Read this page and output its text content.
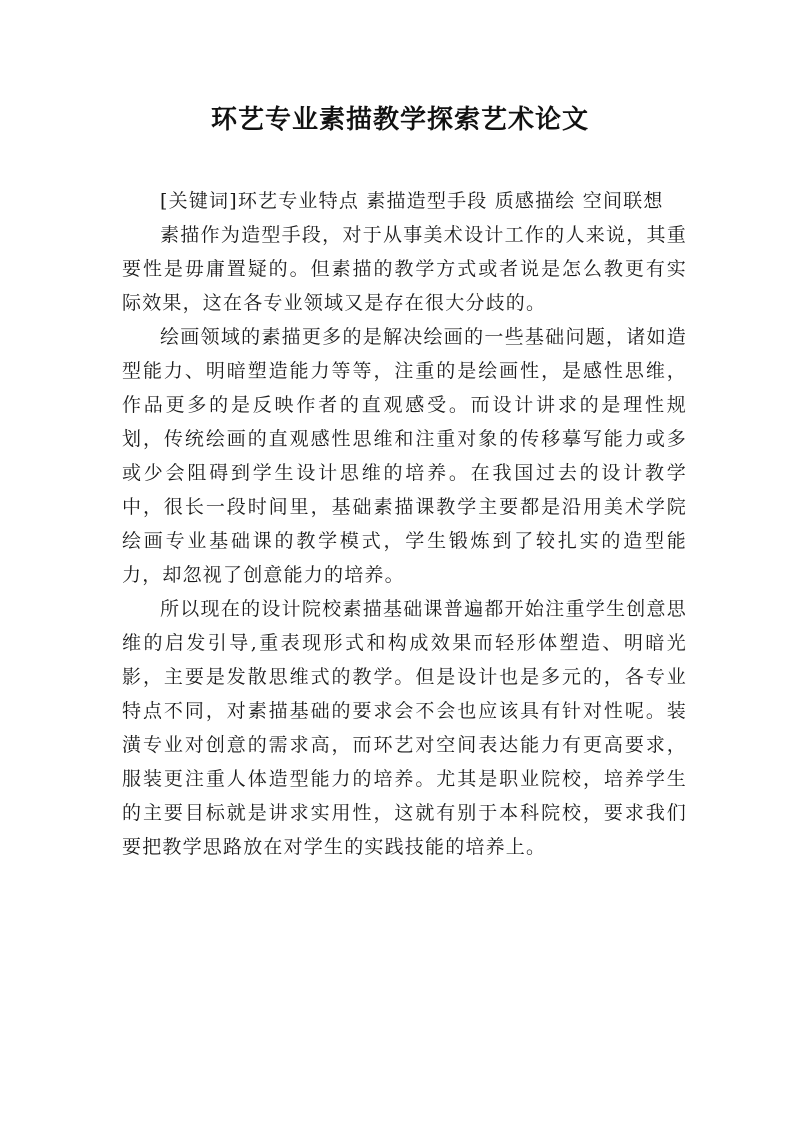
环艺专业素描教学探索艺术论文

[关键词]环艺专业特点 素描造型手段 质感描绘 空间联想

素描作为造型手段，对于从事美术设计工作的人来说，其重要性是毋庸置疑的。但素描的教学方式或者说是怎么教更有实际效果，这在各专业领域又是存在很大分歧的。

绘画领域的素描更多的是解决绘画的一些基础问题，诸如造型能力、明暗塑造能力等等，注重的是绘画性，是感性思维，作品更多的是反映作者的直观感受。而设计讲求的是理性规划，传统绘画的直观感性思维和注重对象的传移摹写能力或多或少会阻碍到学生设计思维的培养。在我国过去的设计教学中，很长一段时间里，基础素描课教学主要都是沿用美术学院绘画专业基础课的教学模式，学生锻炼到了较扎实的造型能力，却忽视了创意能力的培养。

所以现在的设计院校素描基础课普遍都开始注重学生创意思维的启发引导,重表现形式和构成效果而轻形体塑造、明暗光影，主要是发散思维式的教学。但是设计也是多元的，各专业特点不同，对素描基础的要求会不会也应该具有针对性呢。装潢专业对创意的需求高，而环艺对空间表达能力有更高要求，服装更注重人体造型能力的培养。尤其是职业院校，培养学生的主要目标就是讲求实用性，这就有别于本科院校，要求我们要把教学思路放在对学生的实践技能的培养上。
